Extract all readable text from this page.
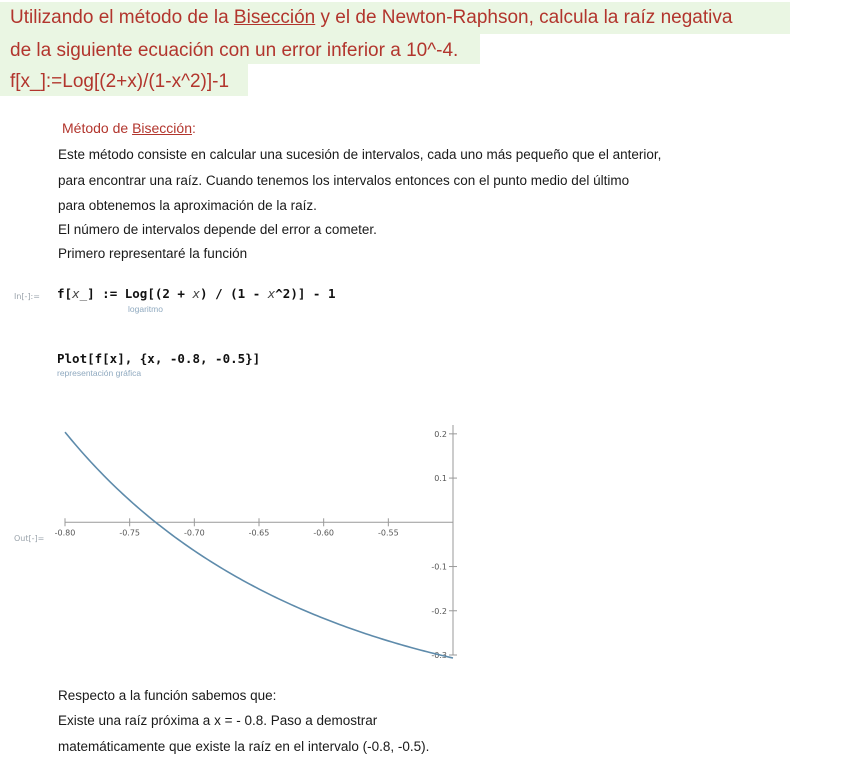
Utilizando el método de la Bisección y el de Newton-Raphson, calcula la raíz negativa
de la siguiente ecuación con un error inferior a 10^-4.
f[x_]:=Log[(2+x)/(1-x^2)]-1
Método de Bisección:
Este método consiste en calcular una sucesión de intervalos, cada uno más pequeño que el anterior,
para encontrar una raíz. Cuando tenemos los intervalos entonces con el punto medio del último
para obtenemos la aproximación de la raíz.
El número de intervalos depende del error a cometer.
Primero representaré la función
In[-]:= f[x_] := Log[(2 + x) / (1 - x^2)] - 1
logaritmo
Plot[f[x], {x, -0.8, -0.5}]
representación gráfica
Out[-]=
-0.80	-0.75	-0.70	-0.65	-0.60	-0.55
0.2
0.1
-0.1
-0.2
-0.3
Respecto a la función sabemos que:
Existe una raíz próxima a x = - 0.8. Paso a demostrar
matemáticamente que existe la raíz en el intervalo (-0.8, -0.5).
